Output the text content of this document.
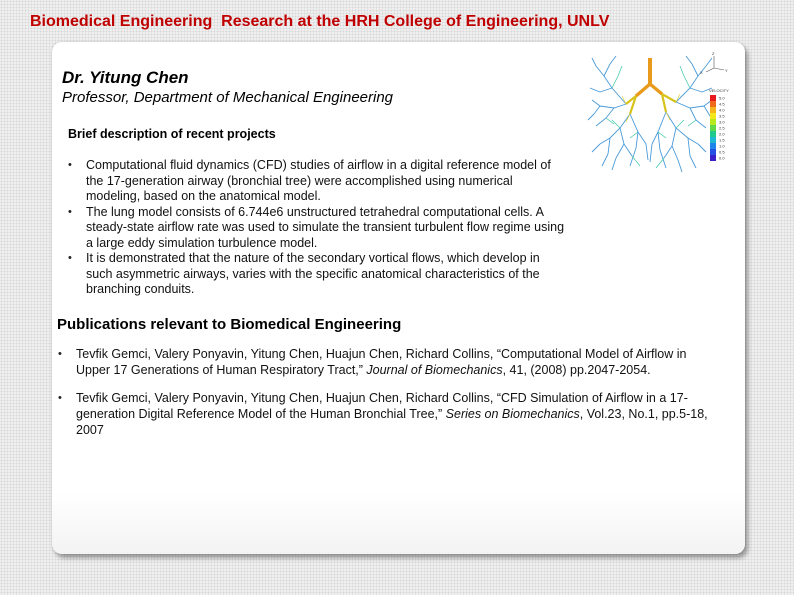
Biomedical Engineering  Research at the HRH College of Engineering, UNLV
Dr. Yitung Chen

Professor, Department of Mechanical Engineering

Brief description of recent projects
• Computational fluid dynamics (CFD) studies of airflow in a digital reference model of the 17-generation airway (bronchial tree) were accomplished using numerical modeling, based on the anatomical model.
• The lung model consists of 6.744e6 unstructured tetrahedral computational cells. A steady-state airflow rate was used to simulate the transient turbulent flow regime using a large eddy simulation turbulence model.
• It is demonstrated that the nature of the secondary vortical flows, which develop in such asymmetric airways, varies with the specific anatomical characteristics of the branching conduits.
Publications relevant to Biomedical Engineering
• Tevfik Gemci, Valery Ponyavin, Yitung Chen, Huajun Chen, Richard Collins, “Computational Model of Airflow in Upper 17 Generations of Human Respiratory Tract,” Journal of Biomechanics, 41, (2008) pp.2047-2054.
• Tevfik Gemci, Valery Ponyavin, Yitung Chen, Huajun Chen, Richard Collins, “CFD Simulation of Airflow in a 17-generation Digital Reference Model of the Human Bronchial Tree,” Series on Biomechanics, Vol.23, No.1, pp.5-18, 2007
Z
Y
X
VELOCITY
5.0
4.5
4.0
3.5
3.0
2.5
2.0
1.5
1.0
0.5
0.0
